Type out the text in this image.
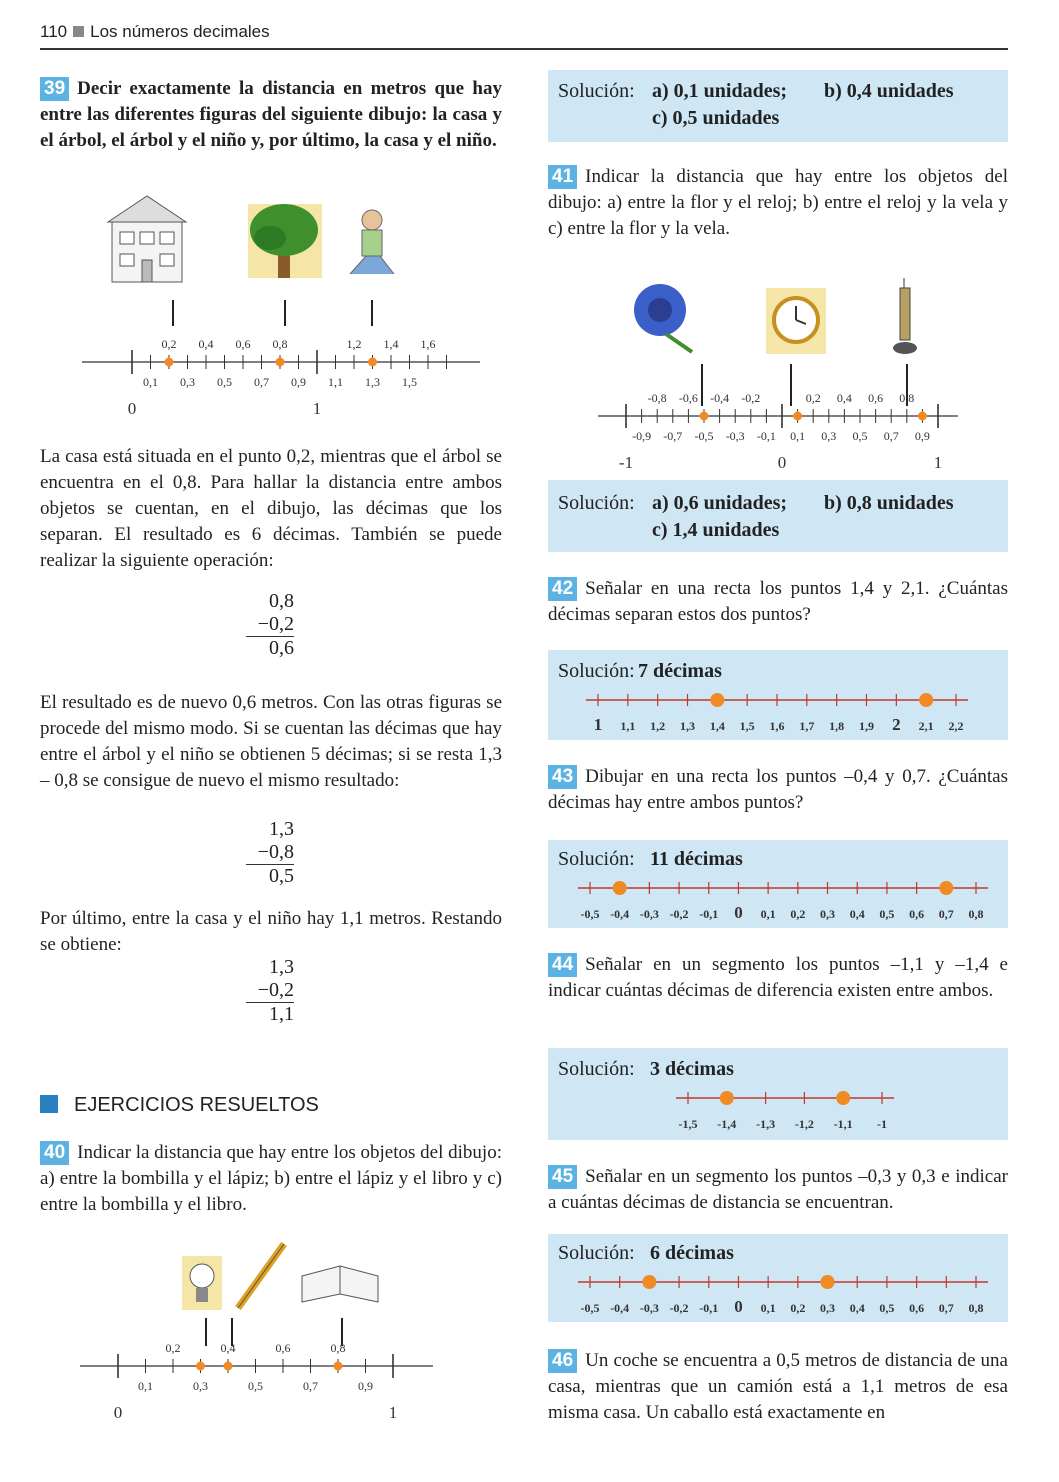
110 Los números decimales
39 Decir exactamente la distancia en metros que hay entre las diferentes figuras del siguiente dibujo: la casa y el árbol, el árbol y el niño y, por último, la casa y el niño.
0,2 0,4 0,6 0,8	1,2 1,4 1,6
0,1 0,3 0,5 0,7 0,9 1,1 1,3 1,5
0	1
La casa está situada en el punto 0,2, mientras que el árbol se encuentra en el 0,8. Para hallar la distancia entre ambos objetos se cuentan, en el dibujo, las décimas que los separan. El resultado es 6 décimas. También se puede realizar la siguiente operación:
0,8
−0,2
0,6
El resultado es de nuevo 0,6 metros. Con las otras figuras se procede del mismo modo. Si se cuentan las décimas que hay entre el árbol y el niño se obtienen 5 décimas; si se resta 1,3 – 0,8 se consigue de nuevo el mismo resultado:
1,3
−0,8
0,5
Por último, entre la casa y el niño hay 1,1 metros. Restando se obtiene:
1,3
−0,2
1,1
EJERCICIOS RESUELTOS
40 Indicar la distancia que hay entre los objetos del dibujo: a) entre la bombilla y el lápiz; b) entre el lápiz y el libro y c) entre la bombilla y el libro.
0,2	0,4	0,6	0,8
0,1	0,3	0,5	0,7	0,9
0	1
Solución: a) 0,1 unidades; b) 0,4 unidades
c) 0,5 unidades
41 Indicar la distancia que hay entre los objetos del dibujo: a) entre la flor y el reloj; b) entre el reloj y la vela y c) entre la flor y la vela.
-0,8 -0,6 -0,4 -0,2	0,2 0,4 0,6 0,8
-0,9 -0,7 -0,5 -0,3 -0,1 0,1 0,3 0,5 0,7 0,9
-1	0	1
Solución: a) 0,6 unidades; b) 0,8 unidades
c) 1,4 unidades
42 Señalar en una recta los puntos 1,4 y 2,1. ¿Cuántas décimas separan estos dos puntos?
Solución: 7 décimas
1 1,1 1,2 1,3 1,4 1,5 1,6 1,7 1,8 1,9 2 2,1 2,2
43 Dibujar en una recta los puntos –0,4 y 0,7. ¿Cuántas décimas hay entre ambos puntos?
Solución: 11 décimas
-0,5 -0,4 -0,3 -0,2 -0,1 0 0,1 0,2 0,3 0,4 0,5 0,6 0,7 0,8
44 Señalar en un segmento los puntos –1,1 y –1,4 e indicar cuántas décimas de diferencia existen entre ambos.
Solución: 3 décimas
-1,5 -1,4 -1,3 -1,2 -1,1 -1
45 Señalar en un segmento los puntos –0,3 y 0,3 e indicar a cuántas décimas de distancia se encuentran.
Solución: 6 décimas
-0,5 -0,4 -0,3 -0,2 -0,1 0 0,1 0,2 0,3 0,4 0,5 0,6 0,7 0,8
46 Un coche se encuentra a 0,5 metros de distancia de una casa, mientras que un camión está a 1,1 metros de esa misma casa. Un caballo está exactamente en
